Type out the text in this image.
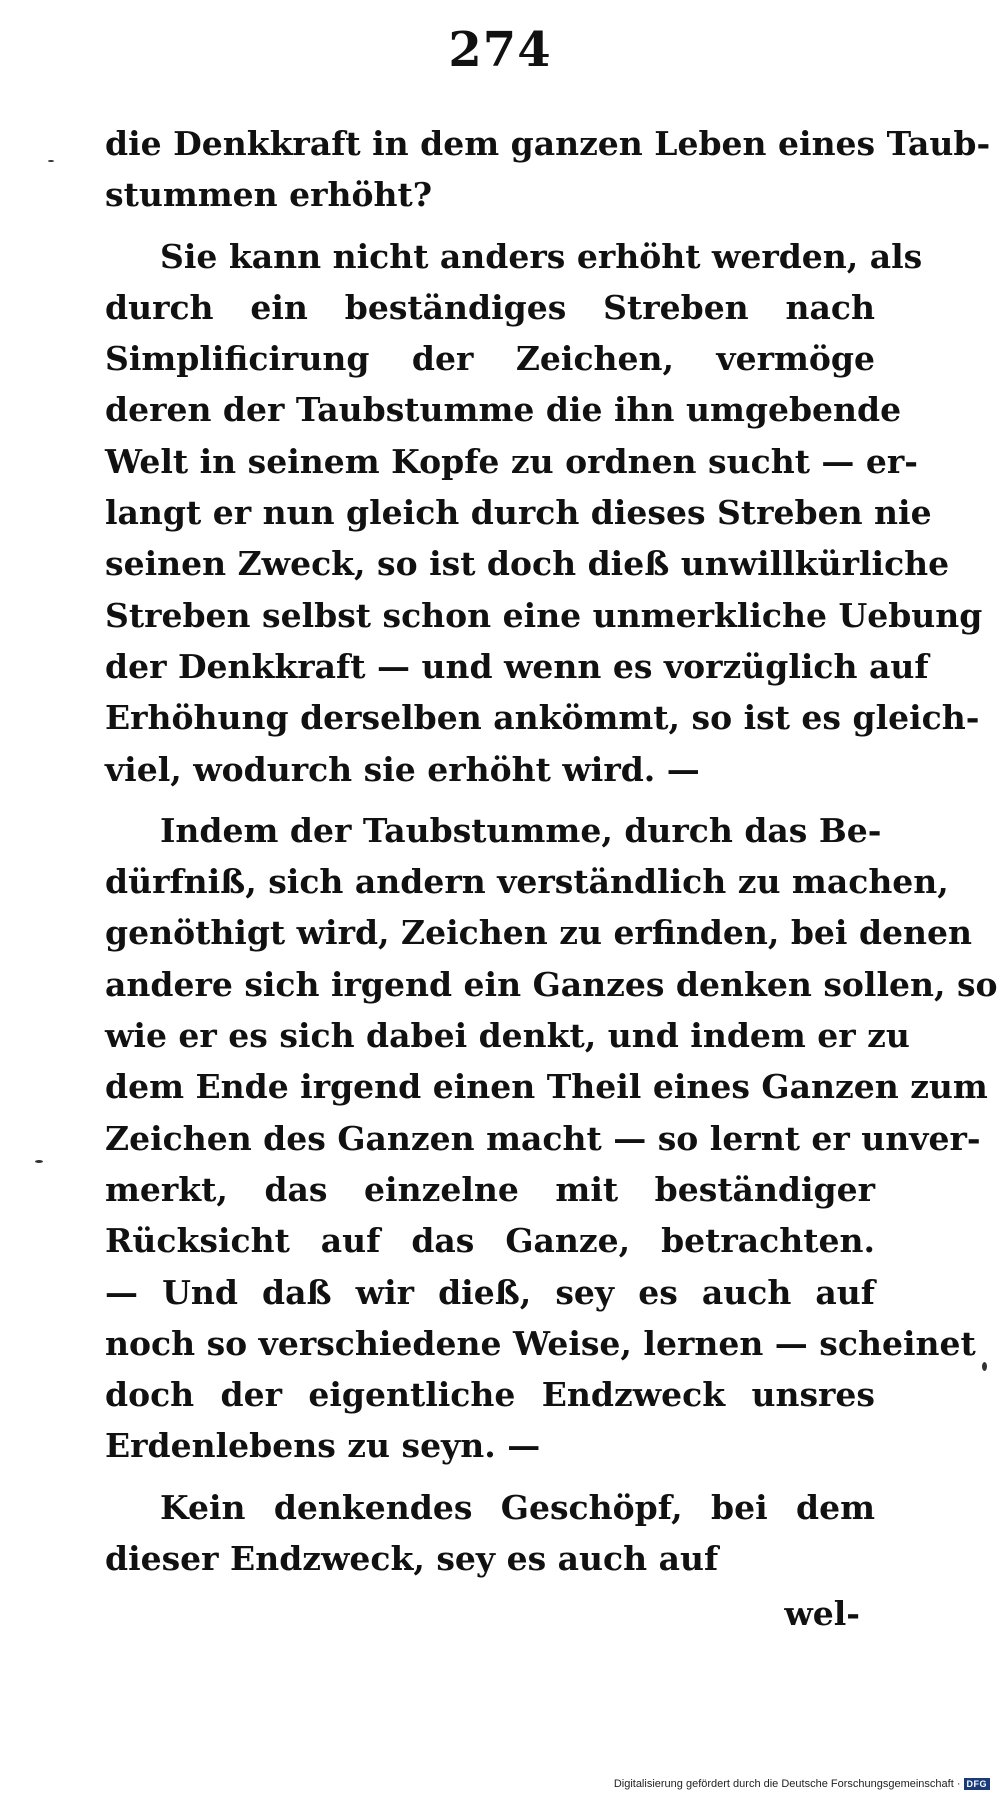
274
die Denkkraft in dem ganzen Leben eines Taub-
stummen erhöht?
Sie kann nicht anders erhöht werden, als
durch ein beständiges Streben nach
Simplificirung der Zeichen, vermöge
deren der Taubstumme die ihn umgebende
Welt in seinem Kopfe zu ordnen sucht — er-
langt er nun gleich durch dieses Streben nie
seinen Zweck, so ist doch dieß unwillkürliche
Streben selbst schon eine unmerkliche Uebung
der Denkkraft — und wenn es vorzüglich auf
Erhöhung derselben ankömmt, so ist es gleich-
viel, wodurch sie erhöht wird. —
Indem der Taubstumme, durch das Be-
dürfniß, sich andern verständlich zu machen,
genöthigt wird, Zeichen zu erfinden, bei denen
andere sich irgend ein Ganzes denken sollen, so
wie er es sich dabei denkt, und indem er zu
dem Ende irgend einen Theil eines Ganzen zum
Zeichen des Ganzen macht — so lernt er unver-
merkt, das einzelne mit beständiger
Rücksicht auf das Ganze, betrachten.
— Und daß wir dieß, sey es auch auf
noch so verschiedene Weise, lernen — scheinet
doch der eigentliche Endzweck unsres
Erdenlebens zu seyn. —
Kein denkendes Geschöpf, bei dem
dieser Endzweck, sey es auch auf
wel-
Digitalisierung gefördert durch die Deutsche Forschungsgemeinschaft · DFG
